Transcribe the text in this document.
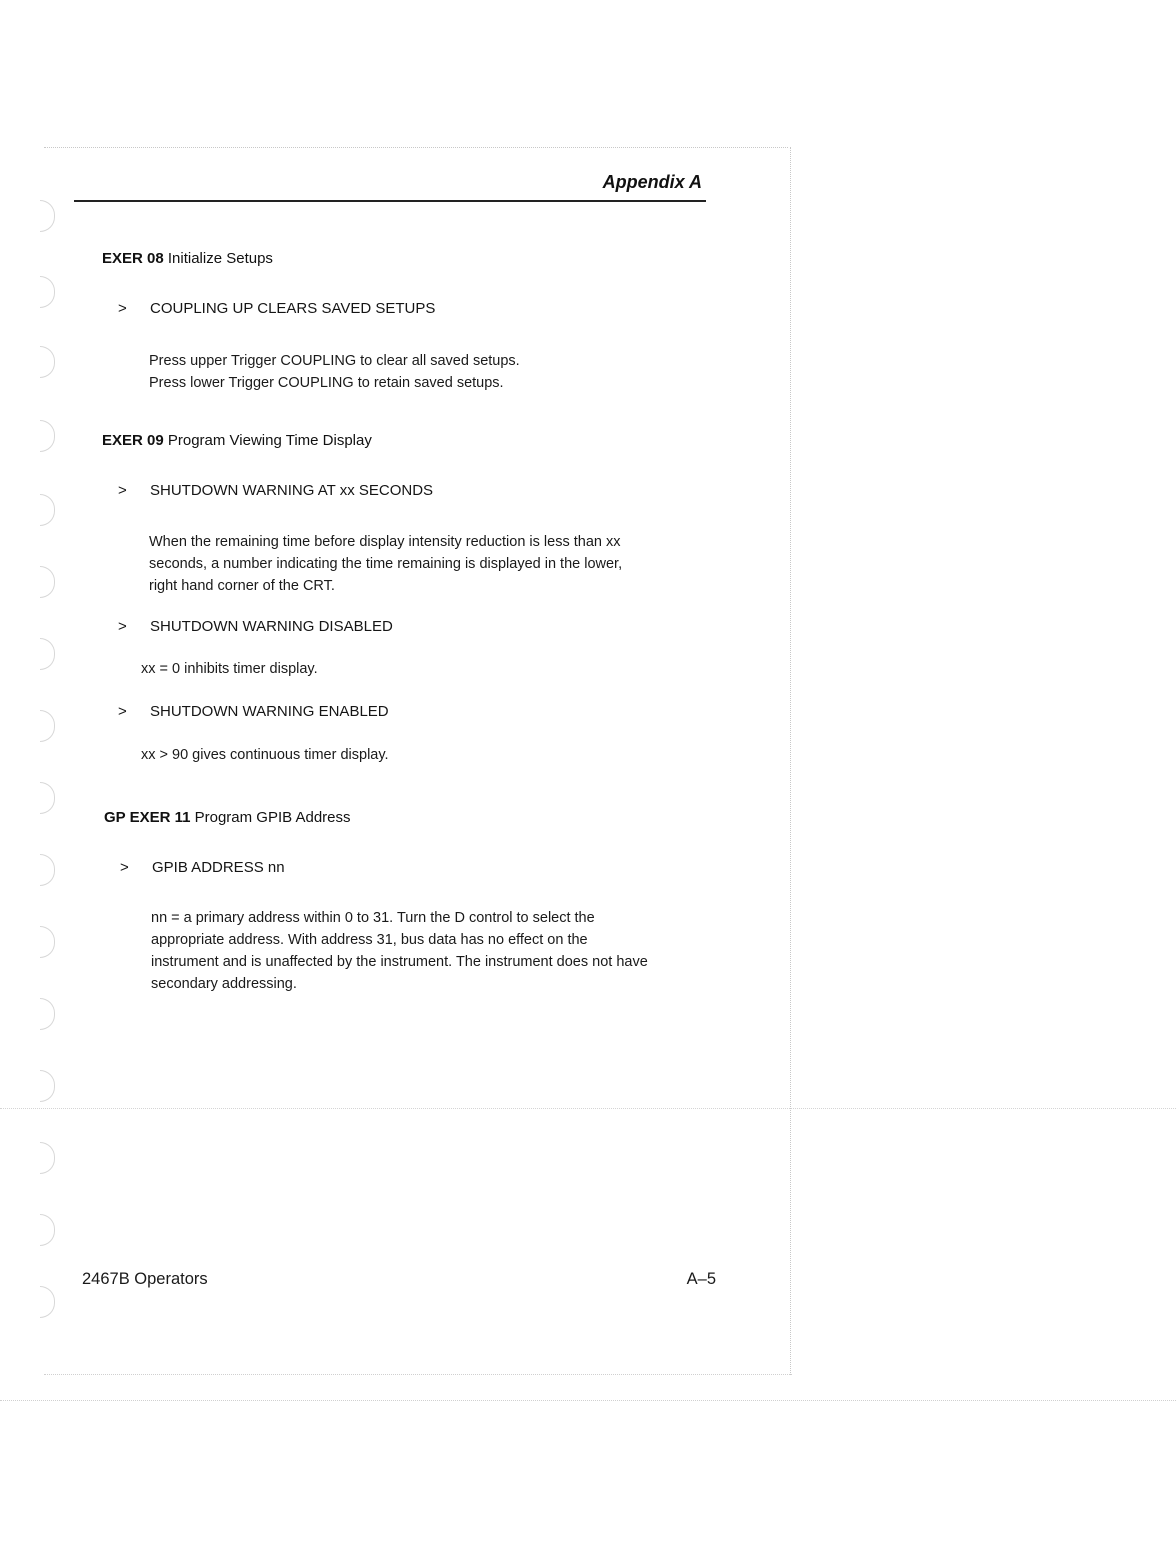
Appendix A
EXER 08 Initialize Setups

> COUPLING UP CLEARS SAVED SETUPS

Press upper Trigger COUPLING to clear all saved setups.
Press lower Trigger COUPLING to retain saved setups.

EXER 09 Program Viewing Time Display

> SHUTDOWN WARNING AT xx SECONDS

When the remaining time before display intensity reduction is less than xx
seconds, a number indicating the time remaining is displayed in the lower,
right hand corner of the CRT.

> SHUTDOWN WARNING DISABLED

xx = 0 inhibits timer display.

> SHUTDOWN WARNING ENABLED

xx > 90 gives continuous timer display.

GP EXER 11 Program GPIB Address

> GPIB ADDRESS nn

nn = a primary address within 0 to 31. Turn the D control to select the
appropriate address. With address 31, bus data has no effect on the
instrument and is unaffected by the instrument. The instrument does not have
secondary addressing.

2467B Operators	A–5
